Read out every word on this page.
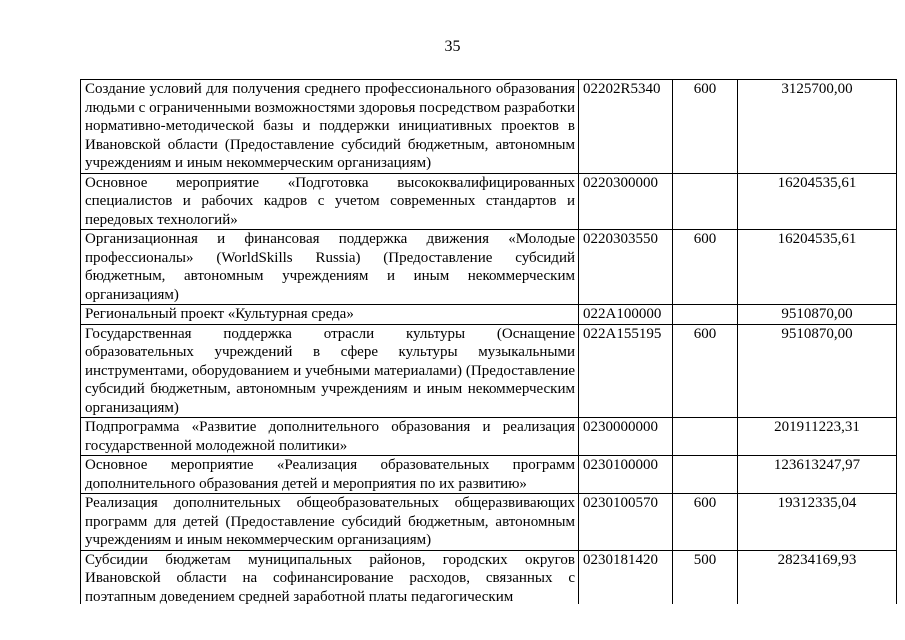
35
Создание условий для получения среднего профессионального образования людьми с ограниченными возможностями здоровья посредством разработки нормативно-методической базы и поддержки инициативных проектов в Ивановской области (Предоставление субсидий бюджетным, автономным учреждениям и иным некоммерческим организациям)	02202R5340	600	3125700,00

Основное мероприятие «Подготовка высококвалифицированных специалистов и рабочих кадров с учетом современных стандартов и передовых технологий»	0220300000		16204535,61

Организационная и финансовая поддержка движения «Молодые профессионалы» (WorldSkills Russia) (Предоставление субсидий бюджетным, автономным учреждениям и иным некоммерческим организациям)	0220303550	600	16204535,61

Региональный проект «Культурная среда»	022A100000		9510870,00

Государственная поддержка отрасли культуры (Оснащение образовательных учреждений в сфере культуры музыкальными инструментами, оборудованием и учебными материалами) (Предоставление субсидий бюджетным, автономным учреждениям и иным некоммерческим организациям)	022A155195	600	9510870,00

Подпрограмма «Развитие дополнительного образования и реализация государственной молодежной политики»	0230000000		201911223,31

Основное мероприятие «Реализация образовательных программ дополнительного образования детей и мероприятия по их развитию»	0230100000		123613247,97

Реализация дополнительных общеобразовательных общеразвивающих программ для детей (Предоставление субсидий бюджетным, автономным учреждениям и иным некоммерческим организациям)	0230100570	600	19312335,04

Субсидии бюджетам муниципальных районов, городских округов Ивановской области на софинансирование расходов, связанных с поэтапным доведением средней заработной платы педагогическим	0230181420	500	28234169,93
